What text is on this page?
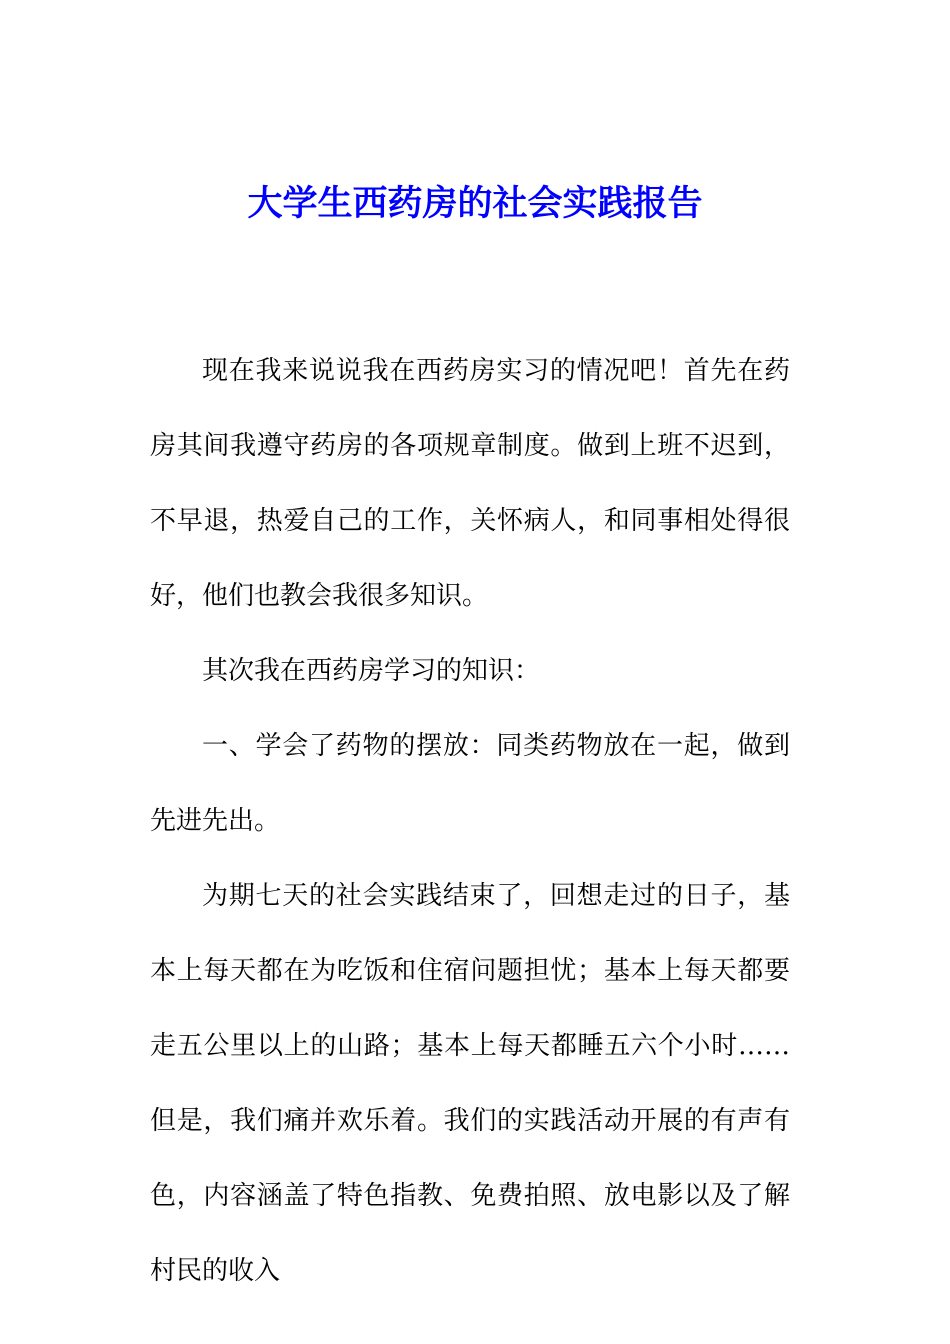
大学生西药房的社会实践报告

现在我来说说我在西药房实习的情况吧！首先在药房其间我遵守药房的各项规章制度。做到上班不迟到，不早退，热爱自己的工作，关怀病人，和同事相处得很好，他们也教会我很多知识。

其次我在西药房学习的知识：

一、学会了药物的摆放：同类药物放在一起，做到先进先出。

为期七天的社会实践结束了，回想走过的日子，基本上每天都在为吃饭和住宿问题担忧；基本上每天都要走五公里以上的山路；基本上每天都睡五六个小时……但是，我们痛并欢乐着。我们的实践活动开展的有声有色，内容涵盖了特色指教、免费拍照、放电影以及了解村民的收入
